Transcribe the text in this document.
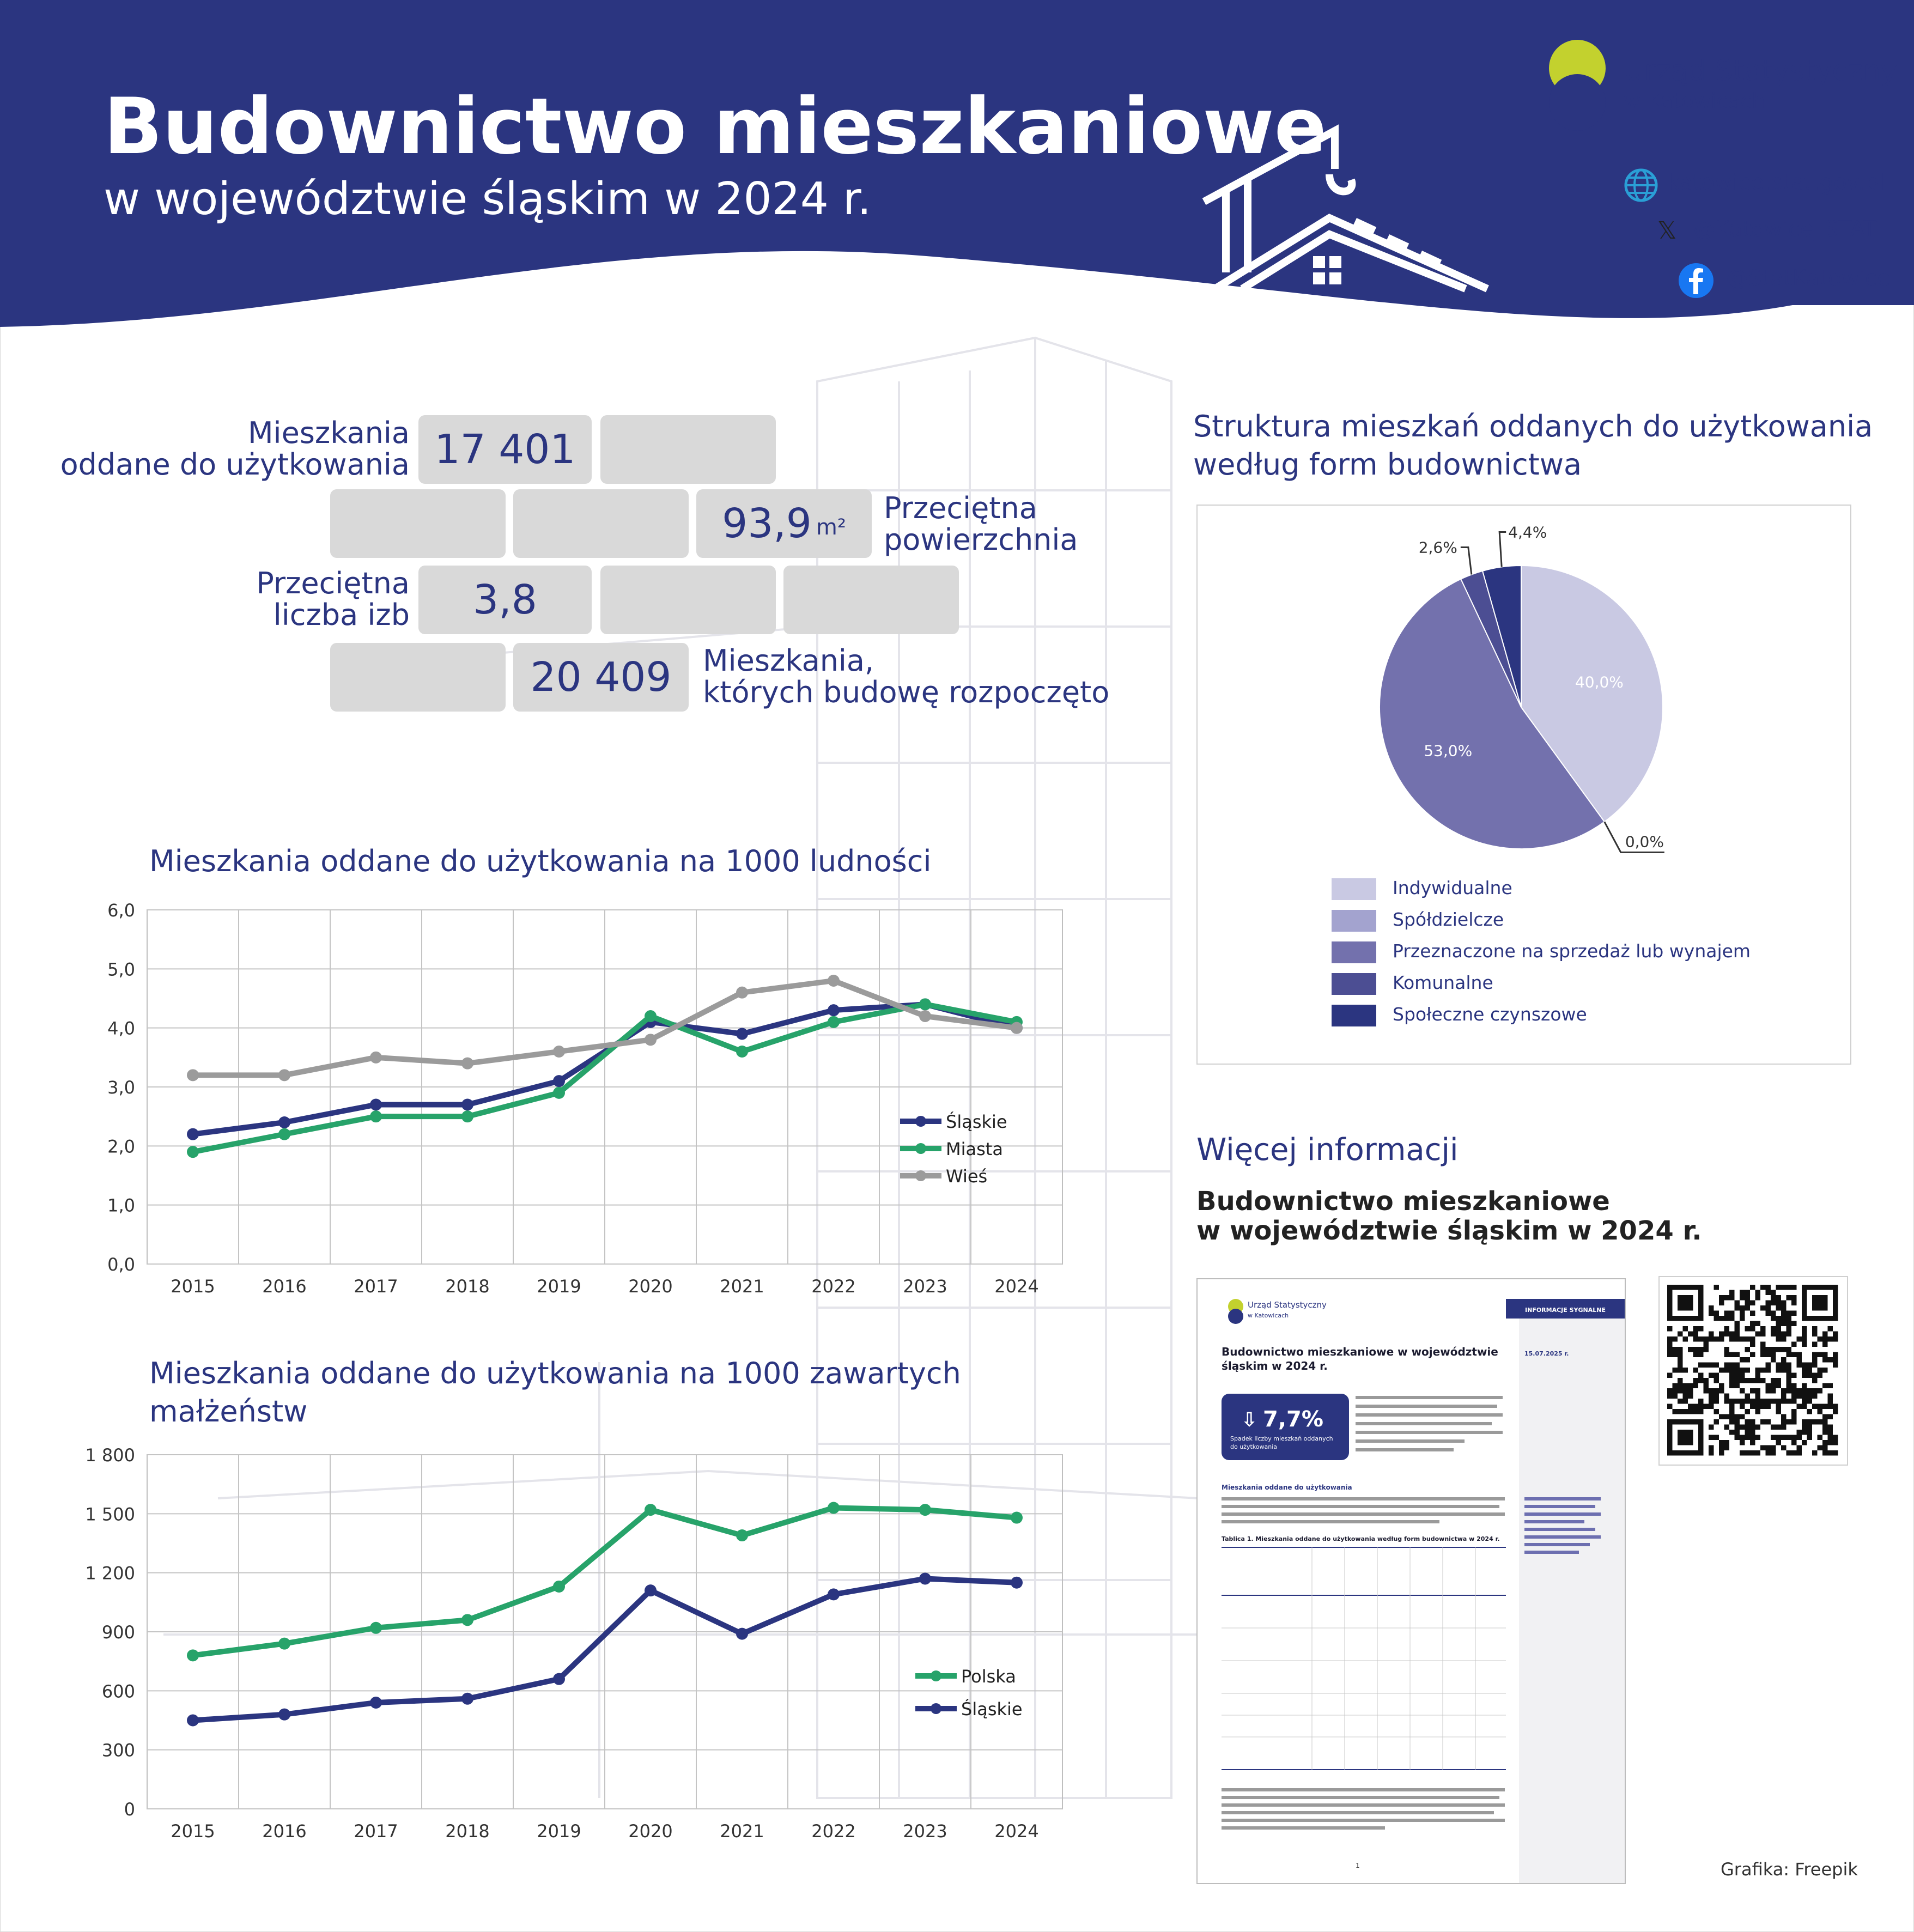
Budownictwo mieszkaniowe
w województwie śląskim w 2024 r.
Urząd Statystyczny
w Katowicach
katowice.stat.gov.pl
𝕏 @Katowice_STAT
@StatKatowice
Mieszkania
oddane do użytkowania 17 401
93,9 m²
Przeciętna
powierzchnia
Przeciętna
liczba izb	3,8
20 409	Mieszkania,
których budowę rozpoczęto
Mieszkania oddane do użytkowania na 1000 ludności
0,0
1,0
2,0
3,0
4,0
5,0
6,0
2015	2016	2017	2018	2019	2020	2021	2022	2023	2024
Śląskie
Miasta
Wieś
Mieszkania oddane do użytkowania na 1000 zawartych
małżeństw
0
300
600
900
1 200
1 500
1 800
2015	2016	2017	2018	2019	2020	2021	2022	2023	2024
Polska
Śląskie
Struktura mieszkań oddanych do użytkowania
według form budownictwa
40,0%
53,0%
0,0%
2,6%
4,4%
Indywidualne
Spółdzielcze
Przeznaczone na sprzedaż lub wynajem
Komunalne
Społeczne czynszowe
Więcej informacji
Budownictwo mieszkaniowe
w województwie śląskim w 2024 r.
Urząd Statystyczny
w Katowicach
INFORMACJE SYGNALNE
Budownictwo mieszkaniowe w województwie
śląskim w 2024 r.
15.07.2025 r.
⇩ 7,7%
Spadek liczby mieszkań oddanych
do użytkowania
Mieszkania oddane do użytkowania
Tablica 1. Mieszkania oddane do użytkowania według form budownictwa w 2024 r.
1	Grafika: Freepik
